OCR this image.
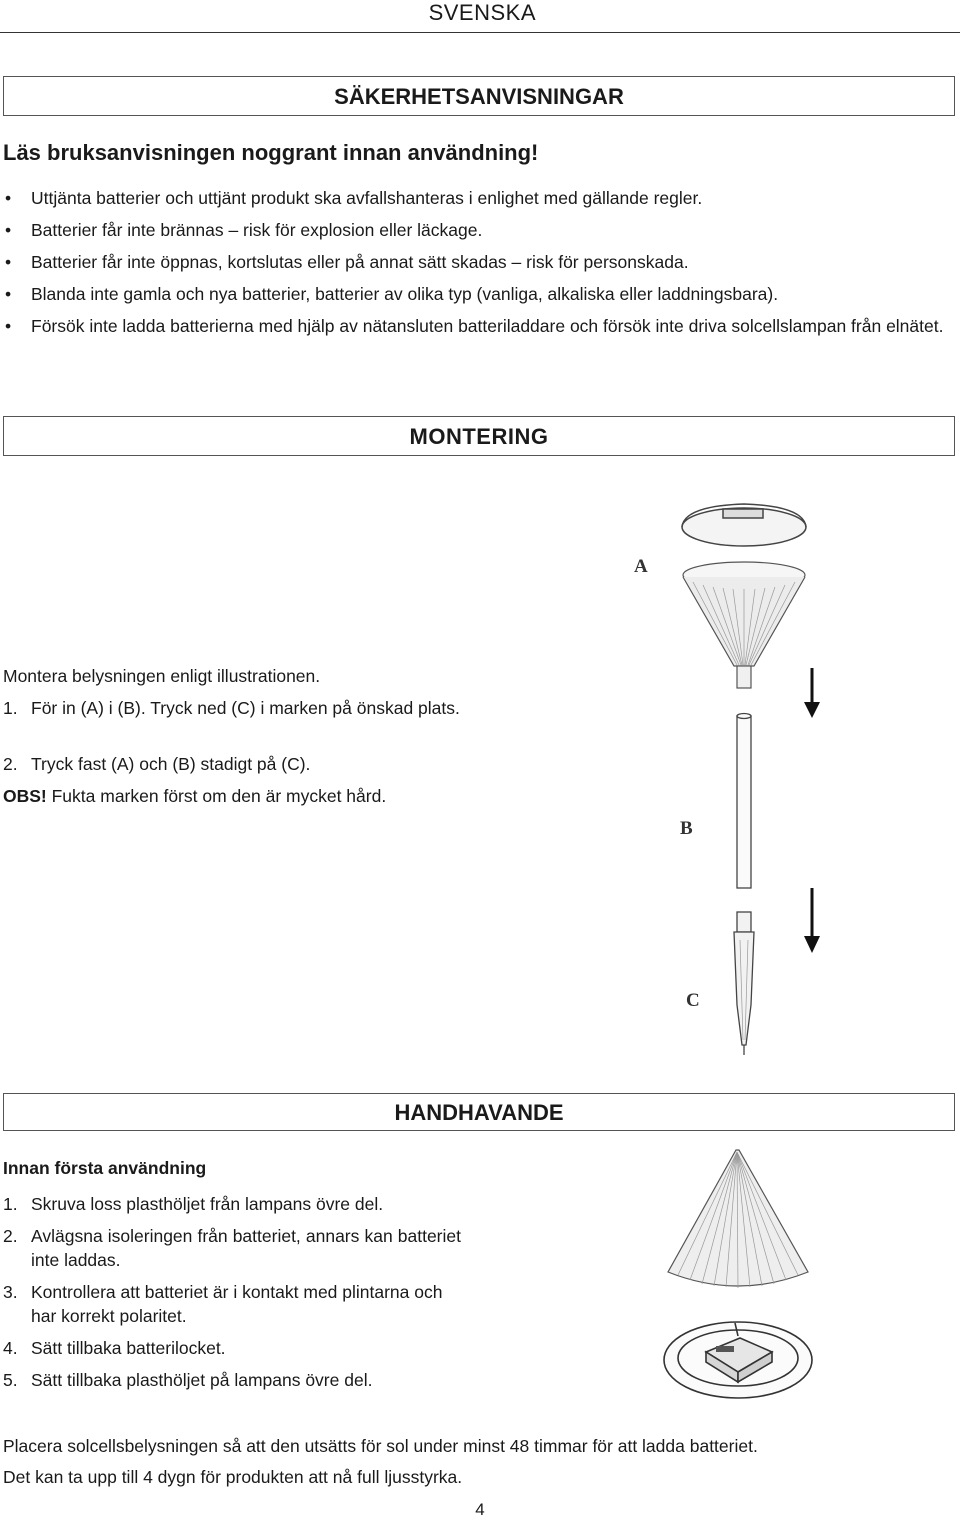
SVENSKA
SÄKERHETSANVISNINGAR
Läs bruksanvisningen noggrant innan användning!
• Uttjänta batterier och uttjänt produkt ska avfallshanteras i enlighet med gällande regler.
• Batterier får inte brännas – risk för explosion eller läckage.
• Batterier får inte öppnas, kortslutas eller på annat sätt skadas – risk för personskada.
• Blanda inte gamla och nya batterier, batterier av olika typ (vanliga, alkaliska eller laddningsbara).
• Försök inte ladda batterierna med hjälp av nätansluten batteriladdare och försök inte driva solcellslampan från elnätet.
MONTERING
Montera belysningen enligt illustrationen.
1. För in (A) i (B). Tryck ned (C) i marken på önskad plats.
2. Tryck fast (A) och (B) stadigt på (C).
OBS! Fukta marken först om den är mycket hård.
A
B
C
HANDHAVANDE
Innan första användning
1. Skruva loss plasthöljet från lampans övre del.
2. Avlägsna isoleringen från batteriet, annars kan batteriet inte laddas.
3. Kontrollera att batteriet är i kontakt med plintarna och har korrekt polaritet.
4. Sätt tillbaka batterilocket.
5. Sätt tillbaka plasthöljet på lampans övre del.
Placera solcellsbelysningen så att den utsätts för sol under minst 48 timmar för att ladda batteriet.
Det kan ta upp till 4 dygn för produkten att nå full ljusstyrka.
4
